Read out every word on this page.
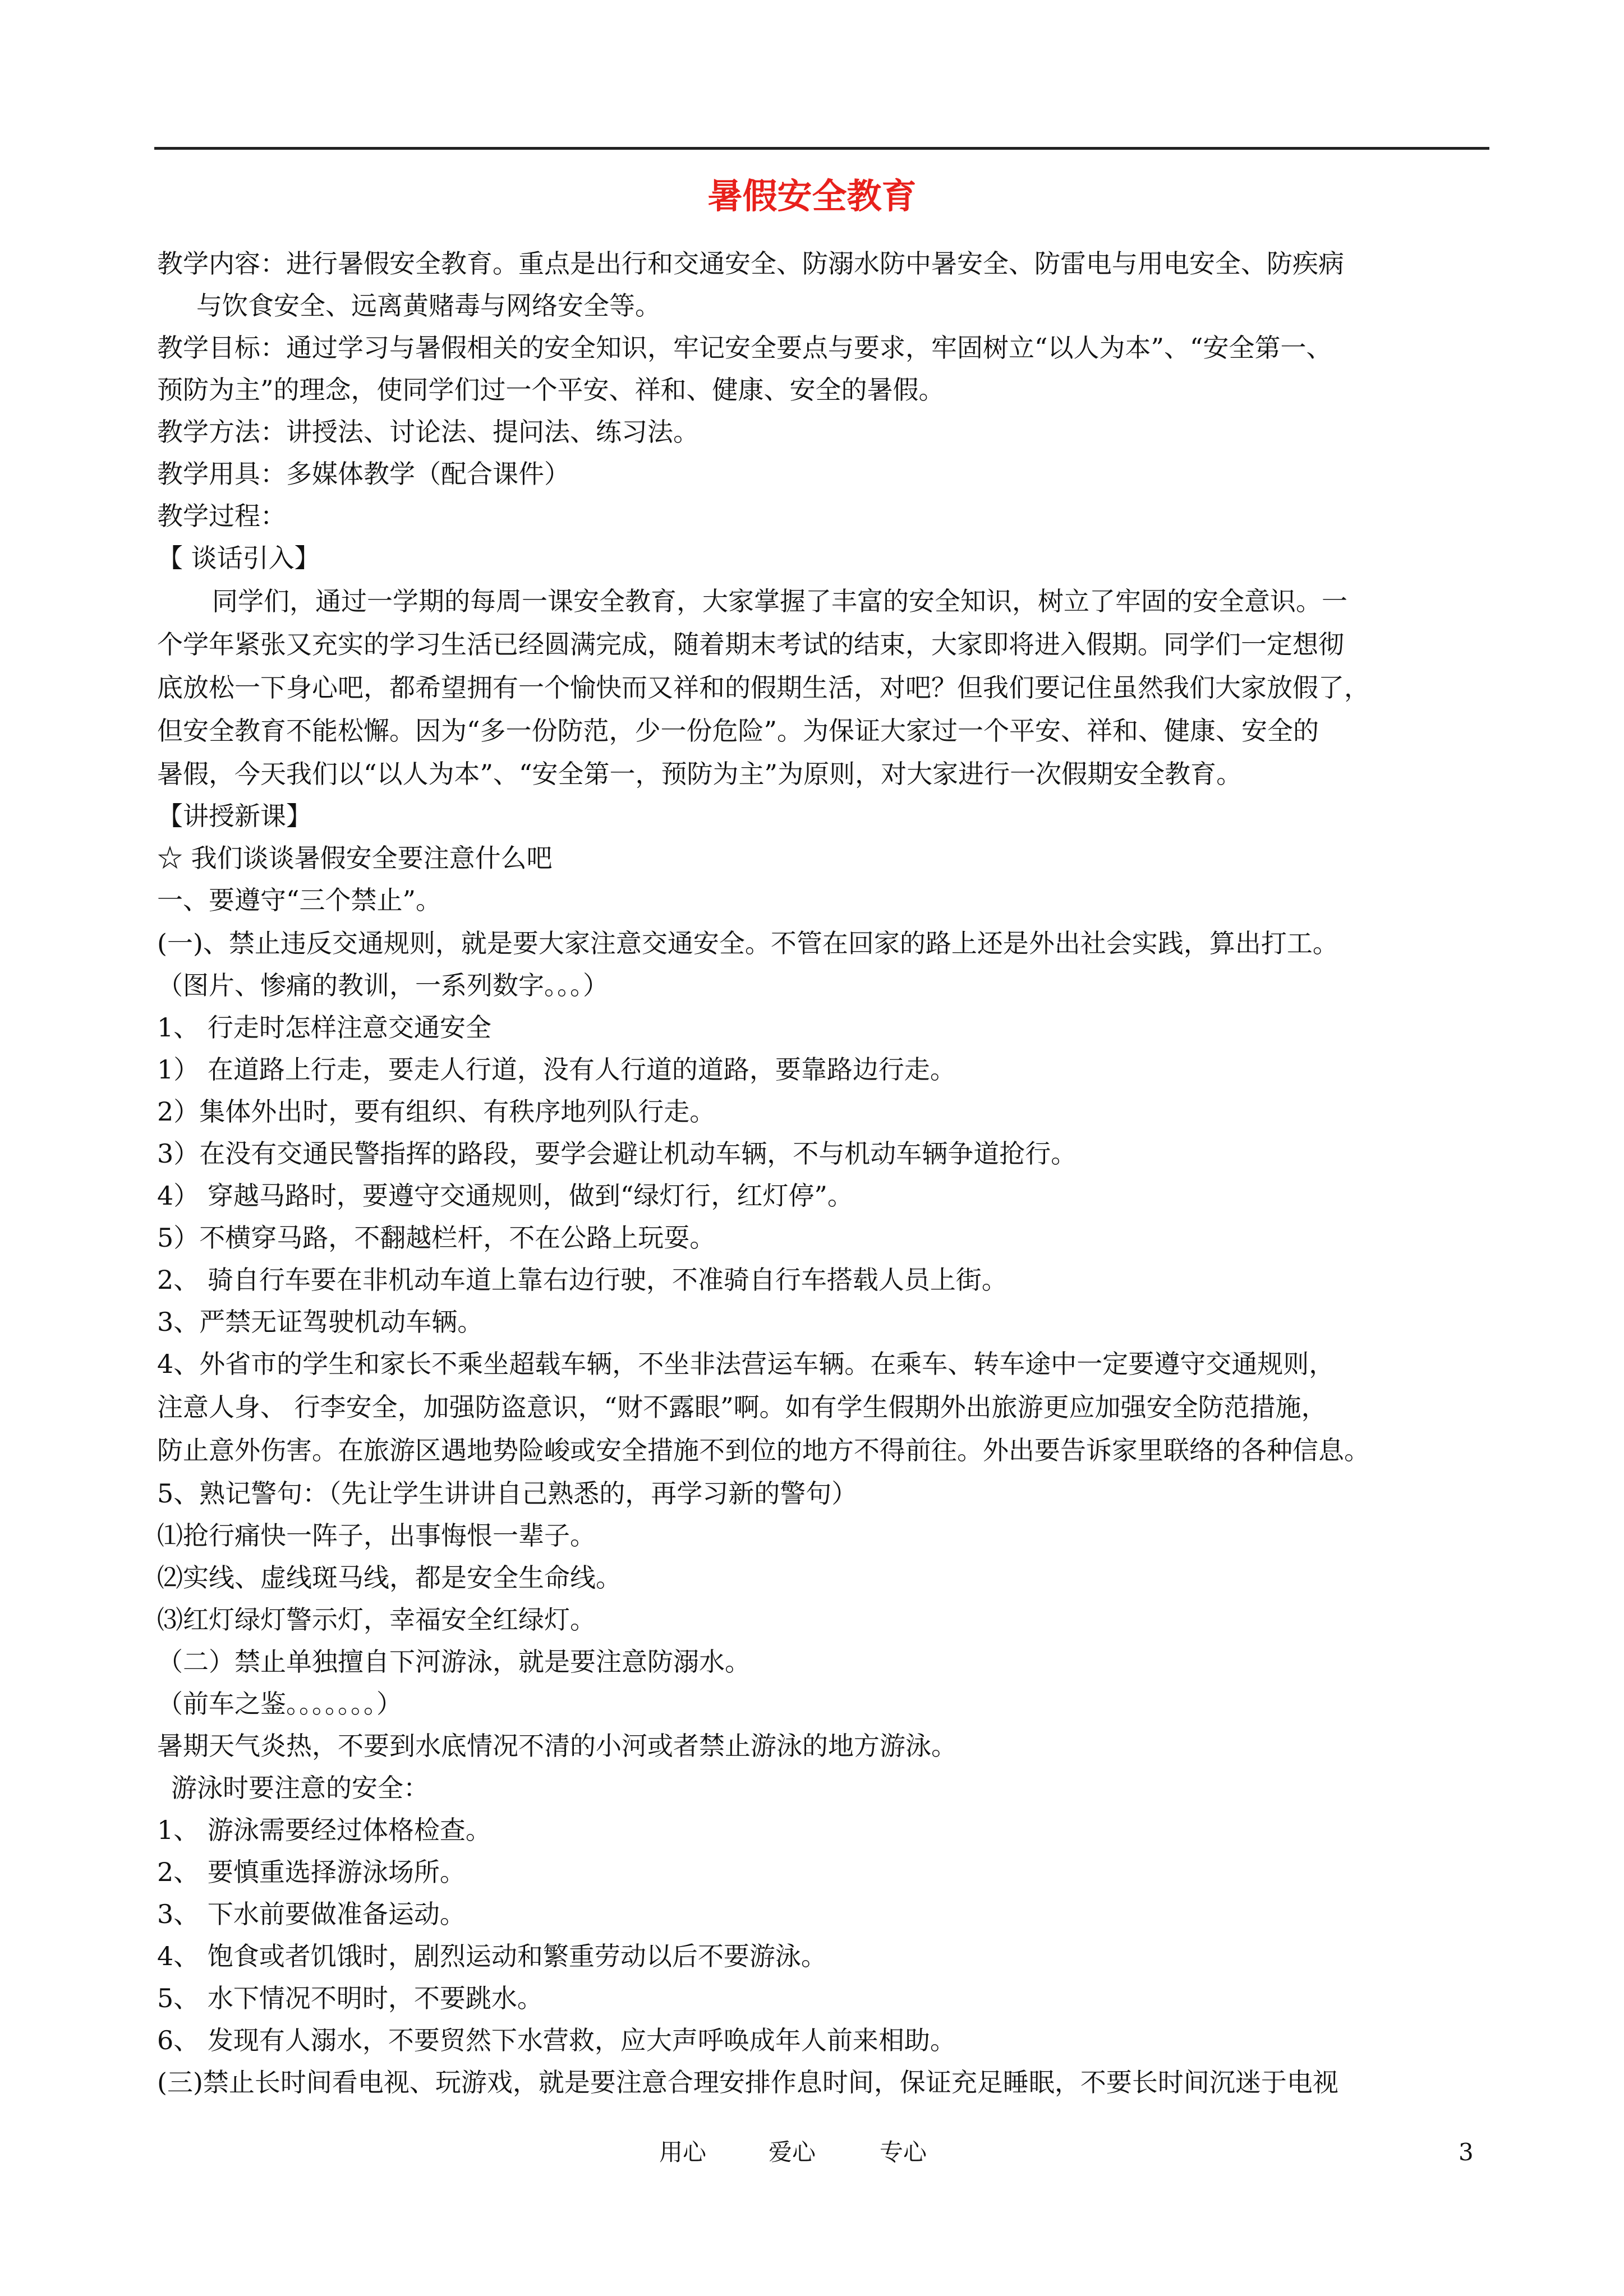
暑假安全教育
教学内容：进行暑假安全教育。重点是出行和交通安全、防溺水防中暑安全、防雷电与用电安全、防疾病
与饮食安全、远离黄赌毒与网络安全等。
教学目标：通过学习与暑假相关的安全知识，牢记安全要点与要求，牢固树立“以人为本”、“安全第一、
预防为主”的理念，使同学们过一个平安、祥和、健康、安全的暑假。
教学方法：讲授法、讨论法、提问法、练习法。
教学用具：多媒体教学（配合课件）
教学过程：
【 谈话引入】
同学们，通过一学期的每周一课安全教育，大家掌握了丰富的安全知识，树立了牢固的安全意识。一
个学年紧张又充实的学习生活已经圆满完成，随着期末考试的结束，大家即将进入假期。同学们一定想彻
底放松一下身心吧，都希望拥有一个愉快而又祥和的假期生活，对吧？但我们要记住虽然我们大家放假了，
但安全教育不能松懈。因为“多一份防范，少一份危险”。为保证大家过一个平安、祥和、健康、安全的
暑假，今天我们以“以人为本”、“安全第一，预防为主”为原则，对大家进行一次假期安全教育。
【讲授新课】
☆ 我们谈谈暑假安全要注意什么吧
一、要遵守“三个禁止”。
(一)、禁止违反交通规则，就是要大家注意交通安全。不管在回家的路上还是外出社会实践，算出打工。
（图片、惨痛的教训，一系列数字。。。）
1、 行走时怎样注意交通安全
1） 在道路上行走，要走人行道，没有人行道的道路，要靠路边行走。
2）集体外出时，要有组织、有秩序地列队行走。
3）在没有交通民警指挥的路段，要学会避让机动车辆，不与机动车辆争道抢行。
4） 穿越马路时，要遵守交通规则，做到“绿灯行，红灯停”。
5）不横穿马路，不翻越栏杆，不在公路上玩耍。
2、 骑自行车要在非机动车道上靠右边行驶，不准骑自行车搭载人员上街。
3、严禁无证驾驶机动车辆。
4、外省市的学生和家长不乘坐超载车辆，不坐非法营运车辆。在乘车、转车途中一定要遵守交通规则，
注意人身、 行李安全，加强防盗意识，“财不露眼”啊。如有学生假期外出旅游更应加强安全防范措施，
防止意外伤害。在旅游区遇地势险峻或安全措施不到位的地方不得前往。外出要告诉家里联络的各种信息。
5、熟记警句：（先让学生讲讲自己熟悉的，再学习新的警句）
⑴抢行痛快一阵子，出事悔恨一辈子。
⑵实线、虚线斑马线，都是安全生命线。
⑶红灯绿灯警示灯，幸福安全红绿灯。
（二）禁止单独擅自下河游泳，就是要注意防溺水。
（前车之鉴。。。。。。。）
暑期天气炎热，不要到水底情况不清的小河或者禁止游泳的地方游泳。
游泳时要注意的安全：
1、 游泳需要经过体格检查。
2、 要慎重选择游泳场所。
3、 下水前要做准备运动。
4、 饱食或者饥饿时，剧烈运动和繁重劳动以后不要游泳。
5、 水下情况不明时，不要跳水。
6、 发现有人溺水，不要贸然下水营救，应大声呼唤成年人前来相助。
(三)禁止长时间看电视、玩游戏，就是要注意合理安排作息时间，保证充足睡眠，不要长时间沉迷于电视
用心	爱心	专心	3
